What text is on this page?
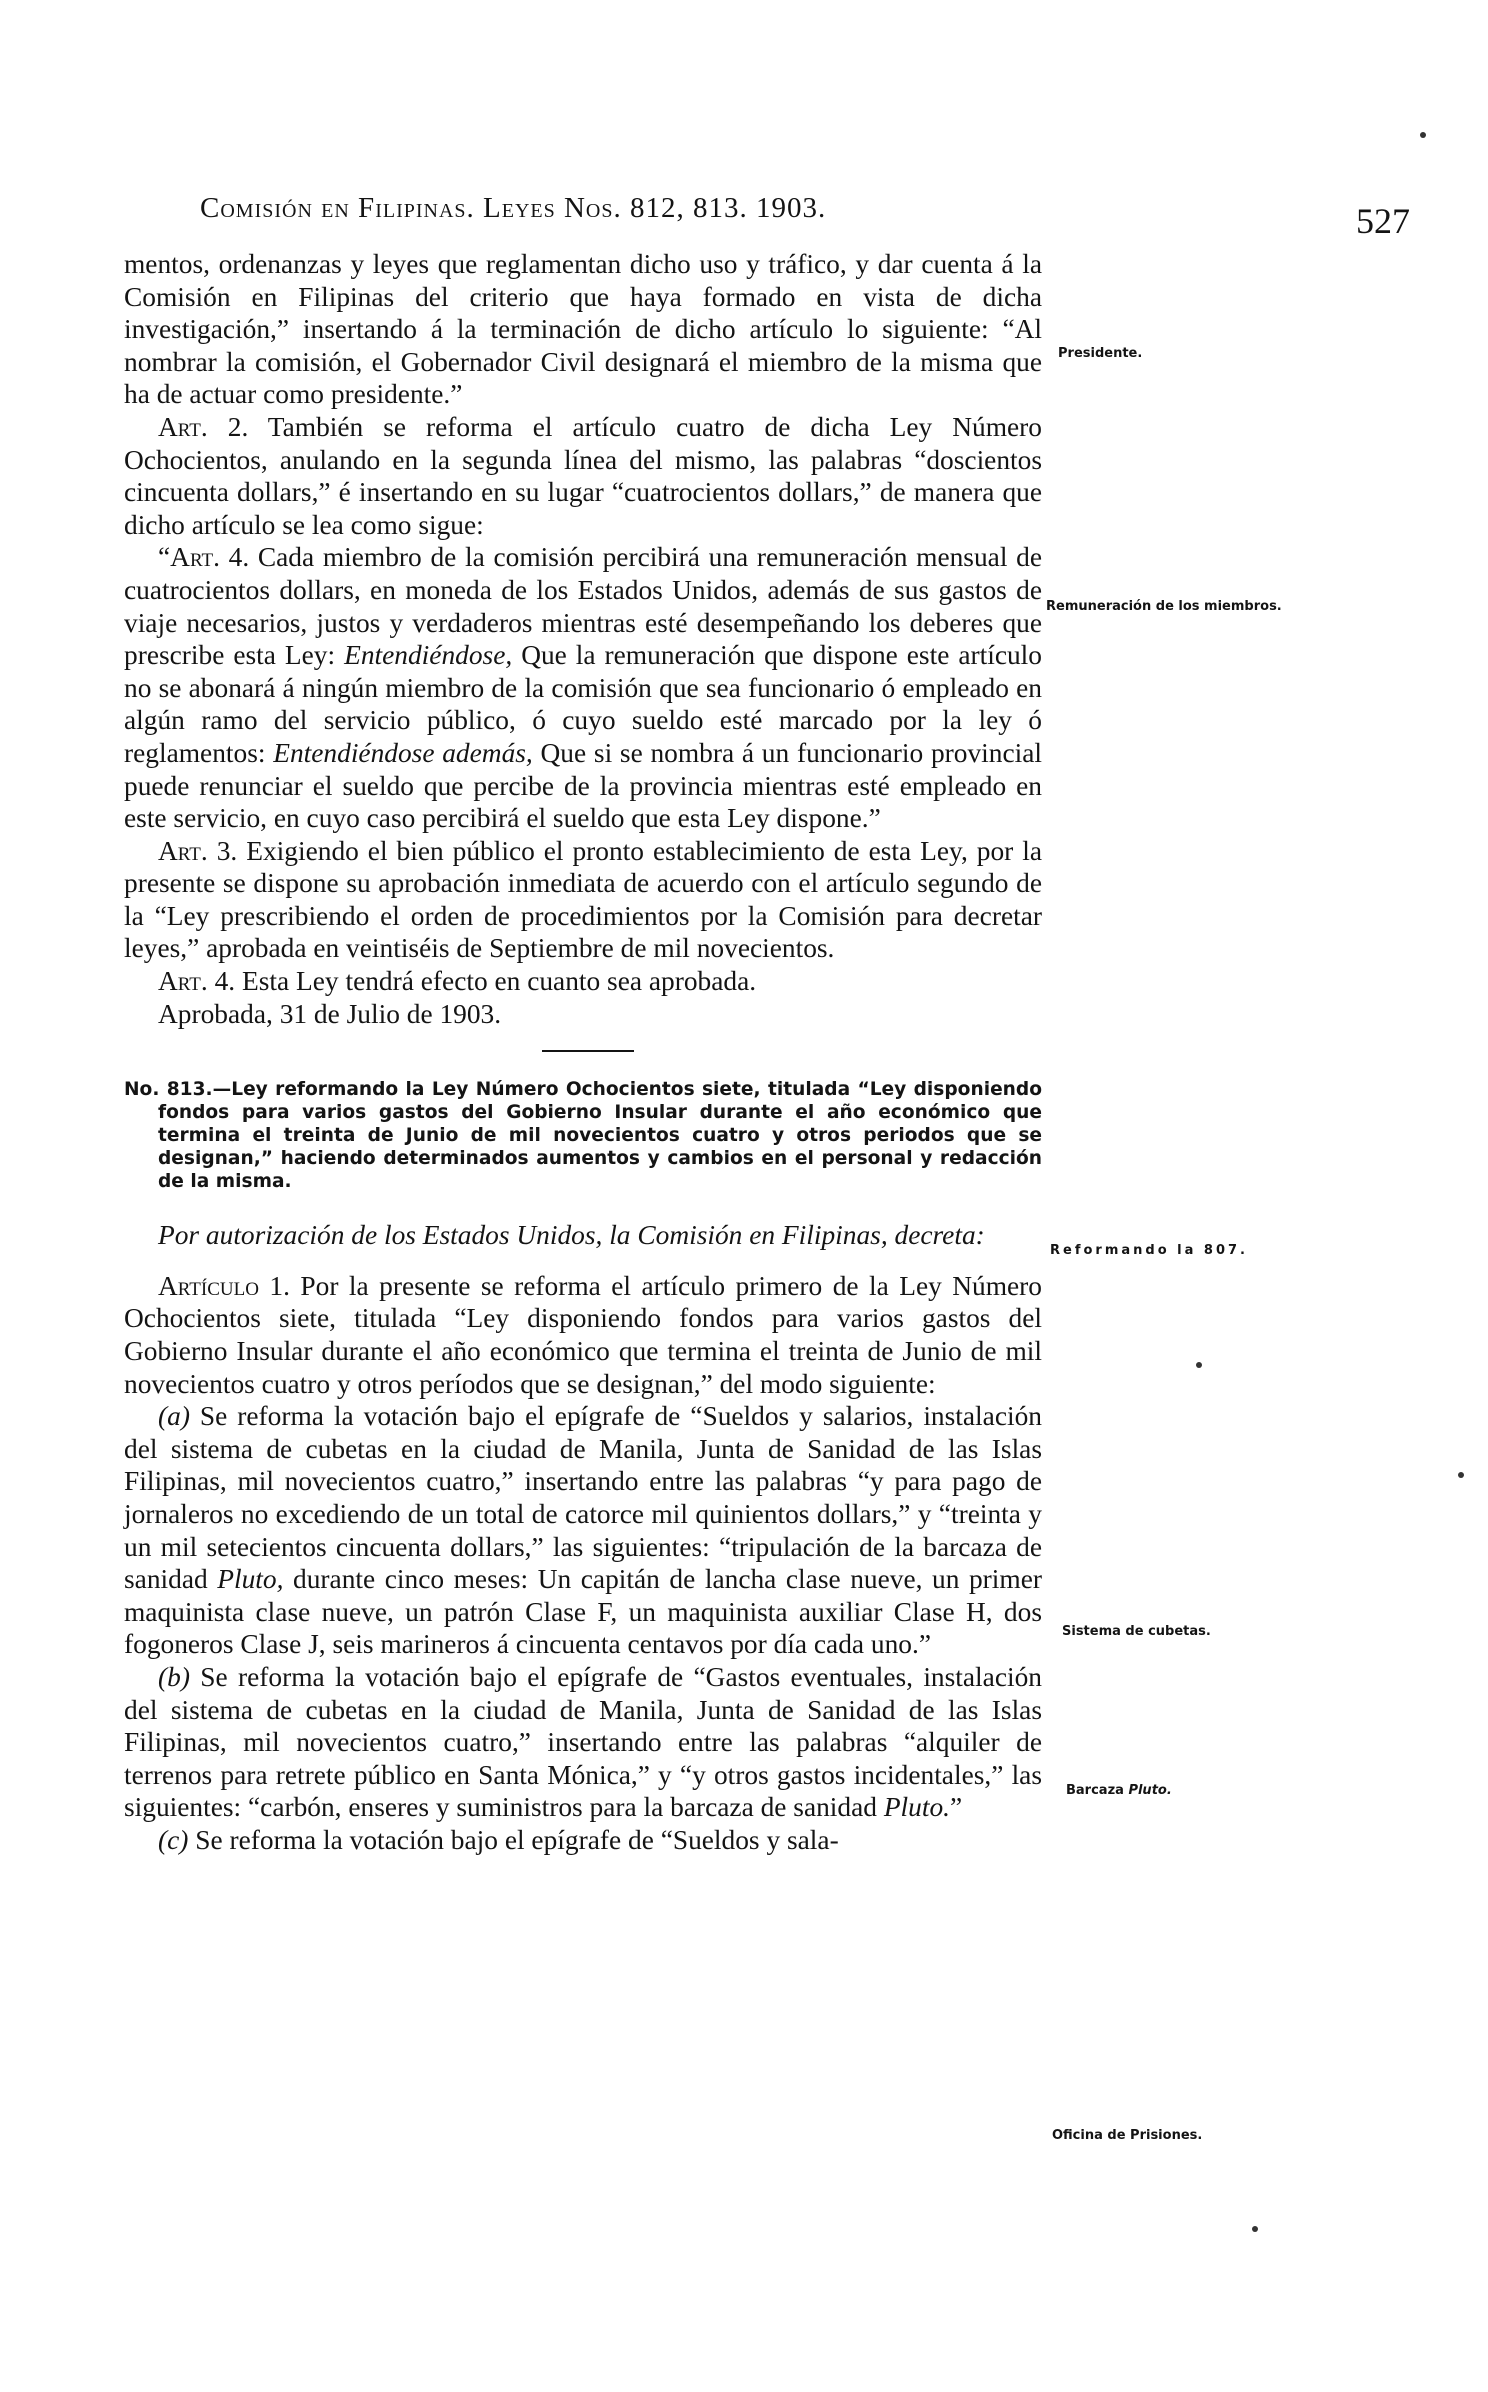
Comisión en Filipinas. Leyes Nos. 812, 813. 1903.	527

mentos, ordenanzas y leyes que reglamentan dicho uso y tráfico, y dar cuenta á la Comisión en Filipinas del criterio que haya formado en vista de dicha investigación,” insertando á la terminación de dicho artículo lo siguiente: “Al nombrar la comisión, el Gobernador Civil designará el miembro de la misma que ha de actuar como presidente.”

Art. 2. También se reforma el artículo cuatro de dicha Ley Número Ochocientos, anulando en la segunda línea del mismo, las palabras “doscientos cincuenta dollars,” é insertando en su lugar “cuatrocientos dollars,” de manera que dicho artículo se lea como sigue:

“Art. 4. Cada miembro de la comisión percibirá una remuneración mensual de cuatrocientos dollars, en moneda de los Estados Unidos, además de sus gastos de viaje necesarios, justos y verdaderos mientras esté desempeñando los deberes que prescribe esta Ley: Entendiéndose, Que la remuneración que dispone este artículo no se abonará á ningún miembro de la comisión que sea funcionario ó empleado en algún ramo del servicio público, ó cuyo sueldo esté marcado por la ley ó reglamentos: Entendiéndose además, Que si se nombra á un funcionario provincial puede renunciar el sueldo que percibe de la provincia mientras esté empleado en este servicio, en cuyo caso percibirá el sueldo que esta Ley dispone.”

Art. 3. Exigiendo el bien público el pronto establecimiento de esta Ley, por la presente se dispone su aprobación inmediata de acuerdo con el artículo segundo de la “Ley prescribiendo el orden de procedimientos por la Comisión para decretar leyes,” aprobada en veintiséis de Septiembre de mil novecientos.

Art. 4. Esta Ley tendrá efecto en cuanto sea aprobada.

Aprobada, 31 de Julio de 1903.

No. 813.—Ley reformando la Ley Número Ochocientos siete, titulada “Ley disponiendo fondos para varios gastos del Gobierno Insular durante el año económico que termina el treinta de Junio de mil novecientos cuatro y otros periodos que se designan,” haciendo determinados aumentos y cambios en el personal y redacción de la misma.

Por autorización de los Estados Unidos, la Comisión en Filipinas, decreta:

Artículo 1. Por la presente se reforma el artículo primero de la Ley Número Ochocientos siete, titulada “Ley disponiendo fondos para varios gastos del Gobierno Insular durante el año económico que termina el treinta de Junio de mil novecientos cuatro y otros períodos que se designan,” del modo siguiente:

(a) Se reforma la votación bajo el epígrafe de “Sueldos y salarios, instalación del sistema de cubetas en la ciudad de Manila, Junta de Sanidad de las Islas Filipinas, mil novecientos cuatro,” insertando entre las palabras “y para pago de jornaleros no excediendo de un total de catorce mil quinientos dollars,” y “treinta y un mil setecientos cincuenta dollars,” las siguientes: “tripulación de la barcaza de sanidad Pluto, durante cinco meses: Un capitán de lancha clase nueve, un primer maquinista clase nueve, un patrón Clase F, un maquinista auxiliar Clase H, dos fogoneros Clase J, seis marineros á cincuenta centavos por día cada uno.”

(b) Se reforma la votación bajo el epígrafe de “Gastos eventuales, instalación del sistema de cubetas en la ciudad de Manila, Junta de Sanidad de las Islas Filipinas, mil novecientos cuatro,” insertando entre las palabras “alquiler de terrenos para retrete público en Santa Mónica,” y “y otros gastos incidentales,” las siguientes: “carbón, enseres y suministros para la barcaza de sanidad Pluto.”

(c) Se reforma la votación bajo el epígrafe de “Sueldos y sala-

Presidente.
Remuneración de los miembros.
Reformando la 807.
Sistema de cubetas.
Barcaza Pluto.
Oficina de Prisiones.
